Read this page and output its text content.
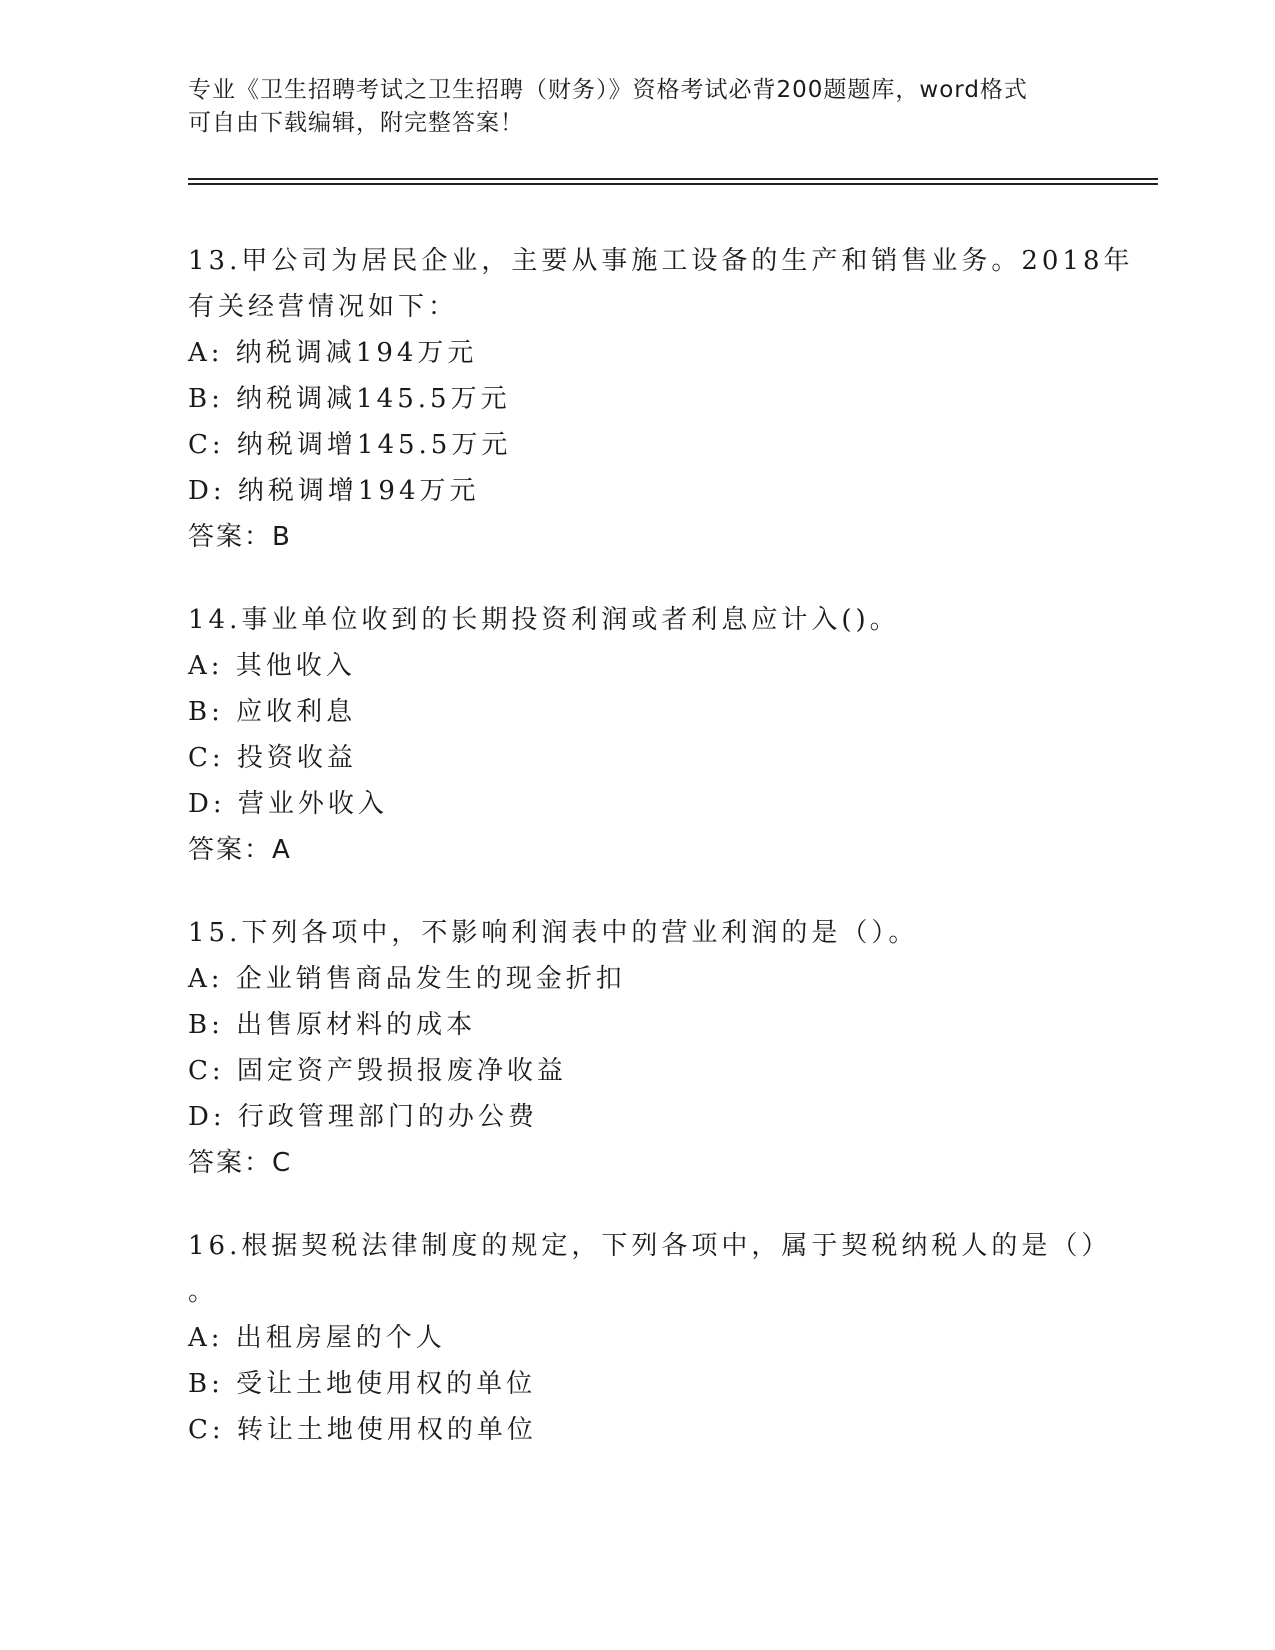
专业《卫生招聘考试之卫生招聘（财务）》资格考试必背200题题库，word格式
可自由下载编辑，附完整答案！
13.甲公司为居民企业，主要从事施工设备的生产和销售业务。2018年
有关经营情况如下：
A: 纳税调减194万元
B: 纳税调减145.5万元
C: 纳税调增145.5万元
D: 纳税调增194万元
答案：B
14.事业单位收到的长期投资利润或者利息应计入()。
A: 其他收入
B: 应收利息
C: 投资收益
D: 营业外收入
答案：A
15.下列各项中，不影响利润表中的营业利润的是（）。
A: 企业销售商品发生的现金折扣
B: 出售原材料的成本
C: 固定资产毁损报废净收益
D: 行政管理部门的办公费
答案：C
16.根据契税法律制度的规定，下列各项中，属于契税纳税人的是（）
。
A: 出租房屋的个人
B: 受让土地使用权的单位
C: 转让土地使用权的单位
